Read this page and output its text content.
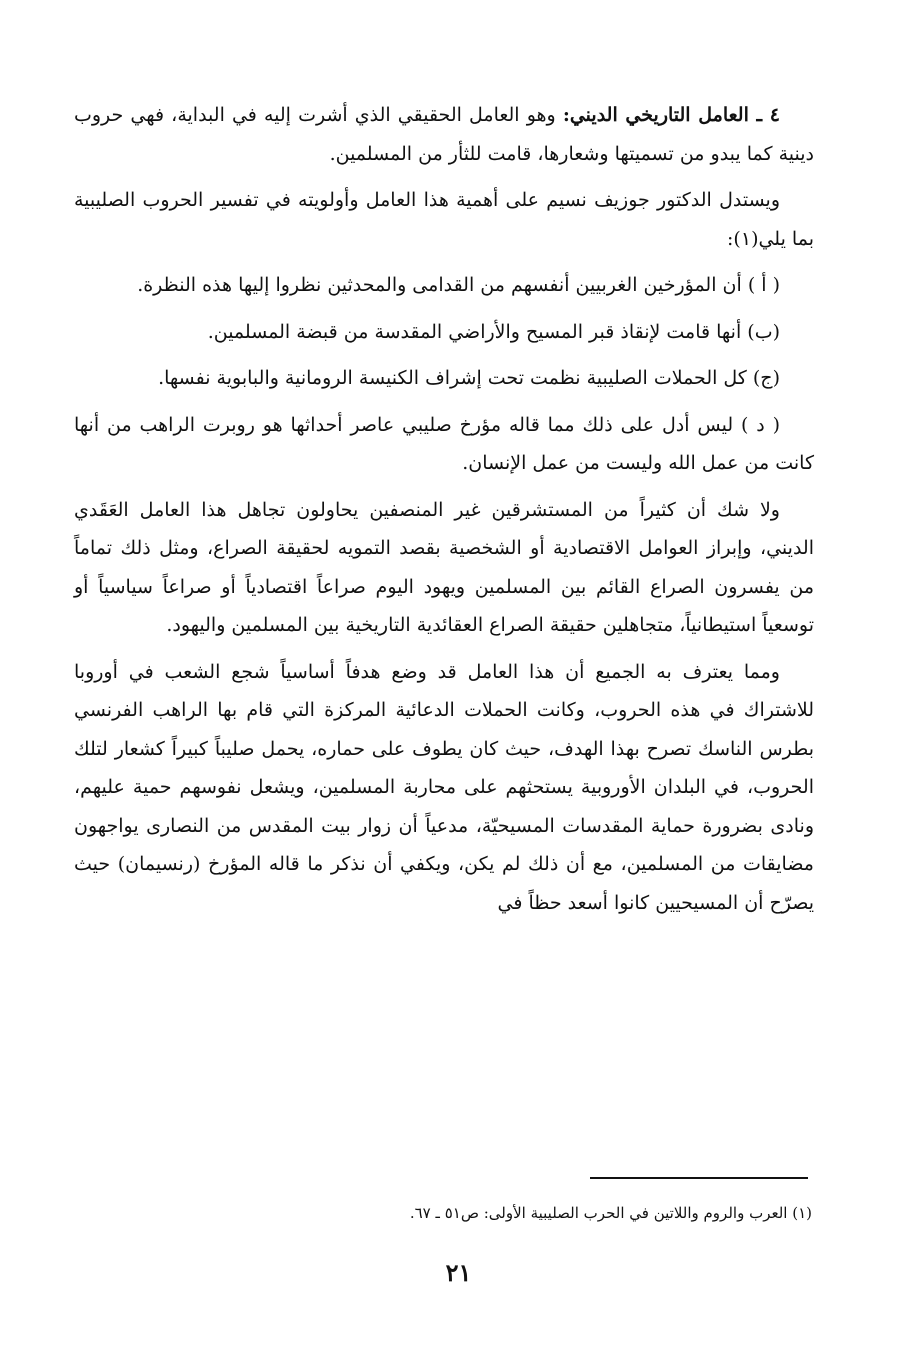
٤ ـ العامل التاريخي الديني: وهو العامل الحقيقي الذي أشرت إليه في البداية، فهي حروب دينية كما يبدو من تسميتها وشعارها، قامت للثأر من المسلمين.

ويستدل الدكتور جوزيف نسيم على أهمية هذا العامل وأولويته في تفسير الحروب الصليبية بما يلي(١):

( أ ) أن المؤرخين الغربيين أنفسهم من القدامى والمحدثين نظروا إليها هذه النظرة.

(ب) أنها قامت لإنقاذ قبر المسيح والأراضي المقدسة من قبضة المسلمين.

(ج) كل الحملات الصليبية نظمت تحت إشراف الكنيسة الرومانية والبابوية نفسها.

( د ) ليس أدل على ذلك مما قاله مؤرخ صليبي عاصر أحداثها هو روبرت الراهب من أنها كانت من عمل الله وليست من عمل الإنسان.

ولا شك أن كثيراً من المستشرقين غير المنصفين يحاولون تجاهل هذا العامل العَقَدي الديني، وإبراز العوامل الاقتصادية أو الشخصية بقصد التمويه لحقيقة الصراع، ومثل ذلك تماماً من يفسرون الصراع القائم بين المسلمين ويهود اليوم صراعاً اقتصادياً أو صراعاً سياسياً أو توسعياً استيطانياً، متجاهلين حقيقة الصراع العقائدية التاريخية بين المسلمين واليهود.

ومما يعترف به الجميع أن هذا العامل قد وضع هدفاً أساسياً شجع الشعب في أوروبا للاشتراك في هذه الحروب، وكانت الحملات الدعائية المركزة التي قام بها الراهب الفرنسي بطرس الناسك تصرح بهذا الهدف، حيث كان يطوف على حماره، يحمل صليباً كبيراً كشعار لتلك الحروب، في البلدان الأوروبية يستحثهم على محاربة المسلمين، ويشعل نفوسهم حمية عليهم، ونادى بضرورة حماية المقدسات المسيحيّة، مدعياً أن زوار بيت المقدس من النصارى يواجهون مضايقات من المسلمين، مع أن ذلك لم يكن، ويكفي أن نذكر ما قاله المؤرخ (رنسيمان) حيث يصرّح أن المسيحيين كانوا أسعد حظاً في

(١) العرب والروم واللاتين في الحرب الصليبية الأولى: ص٥١ ـ ٦٧.
٢١
